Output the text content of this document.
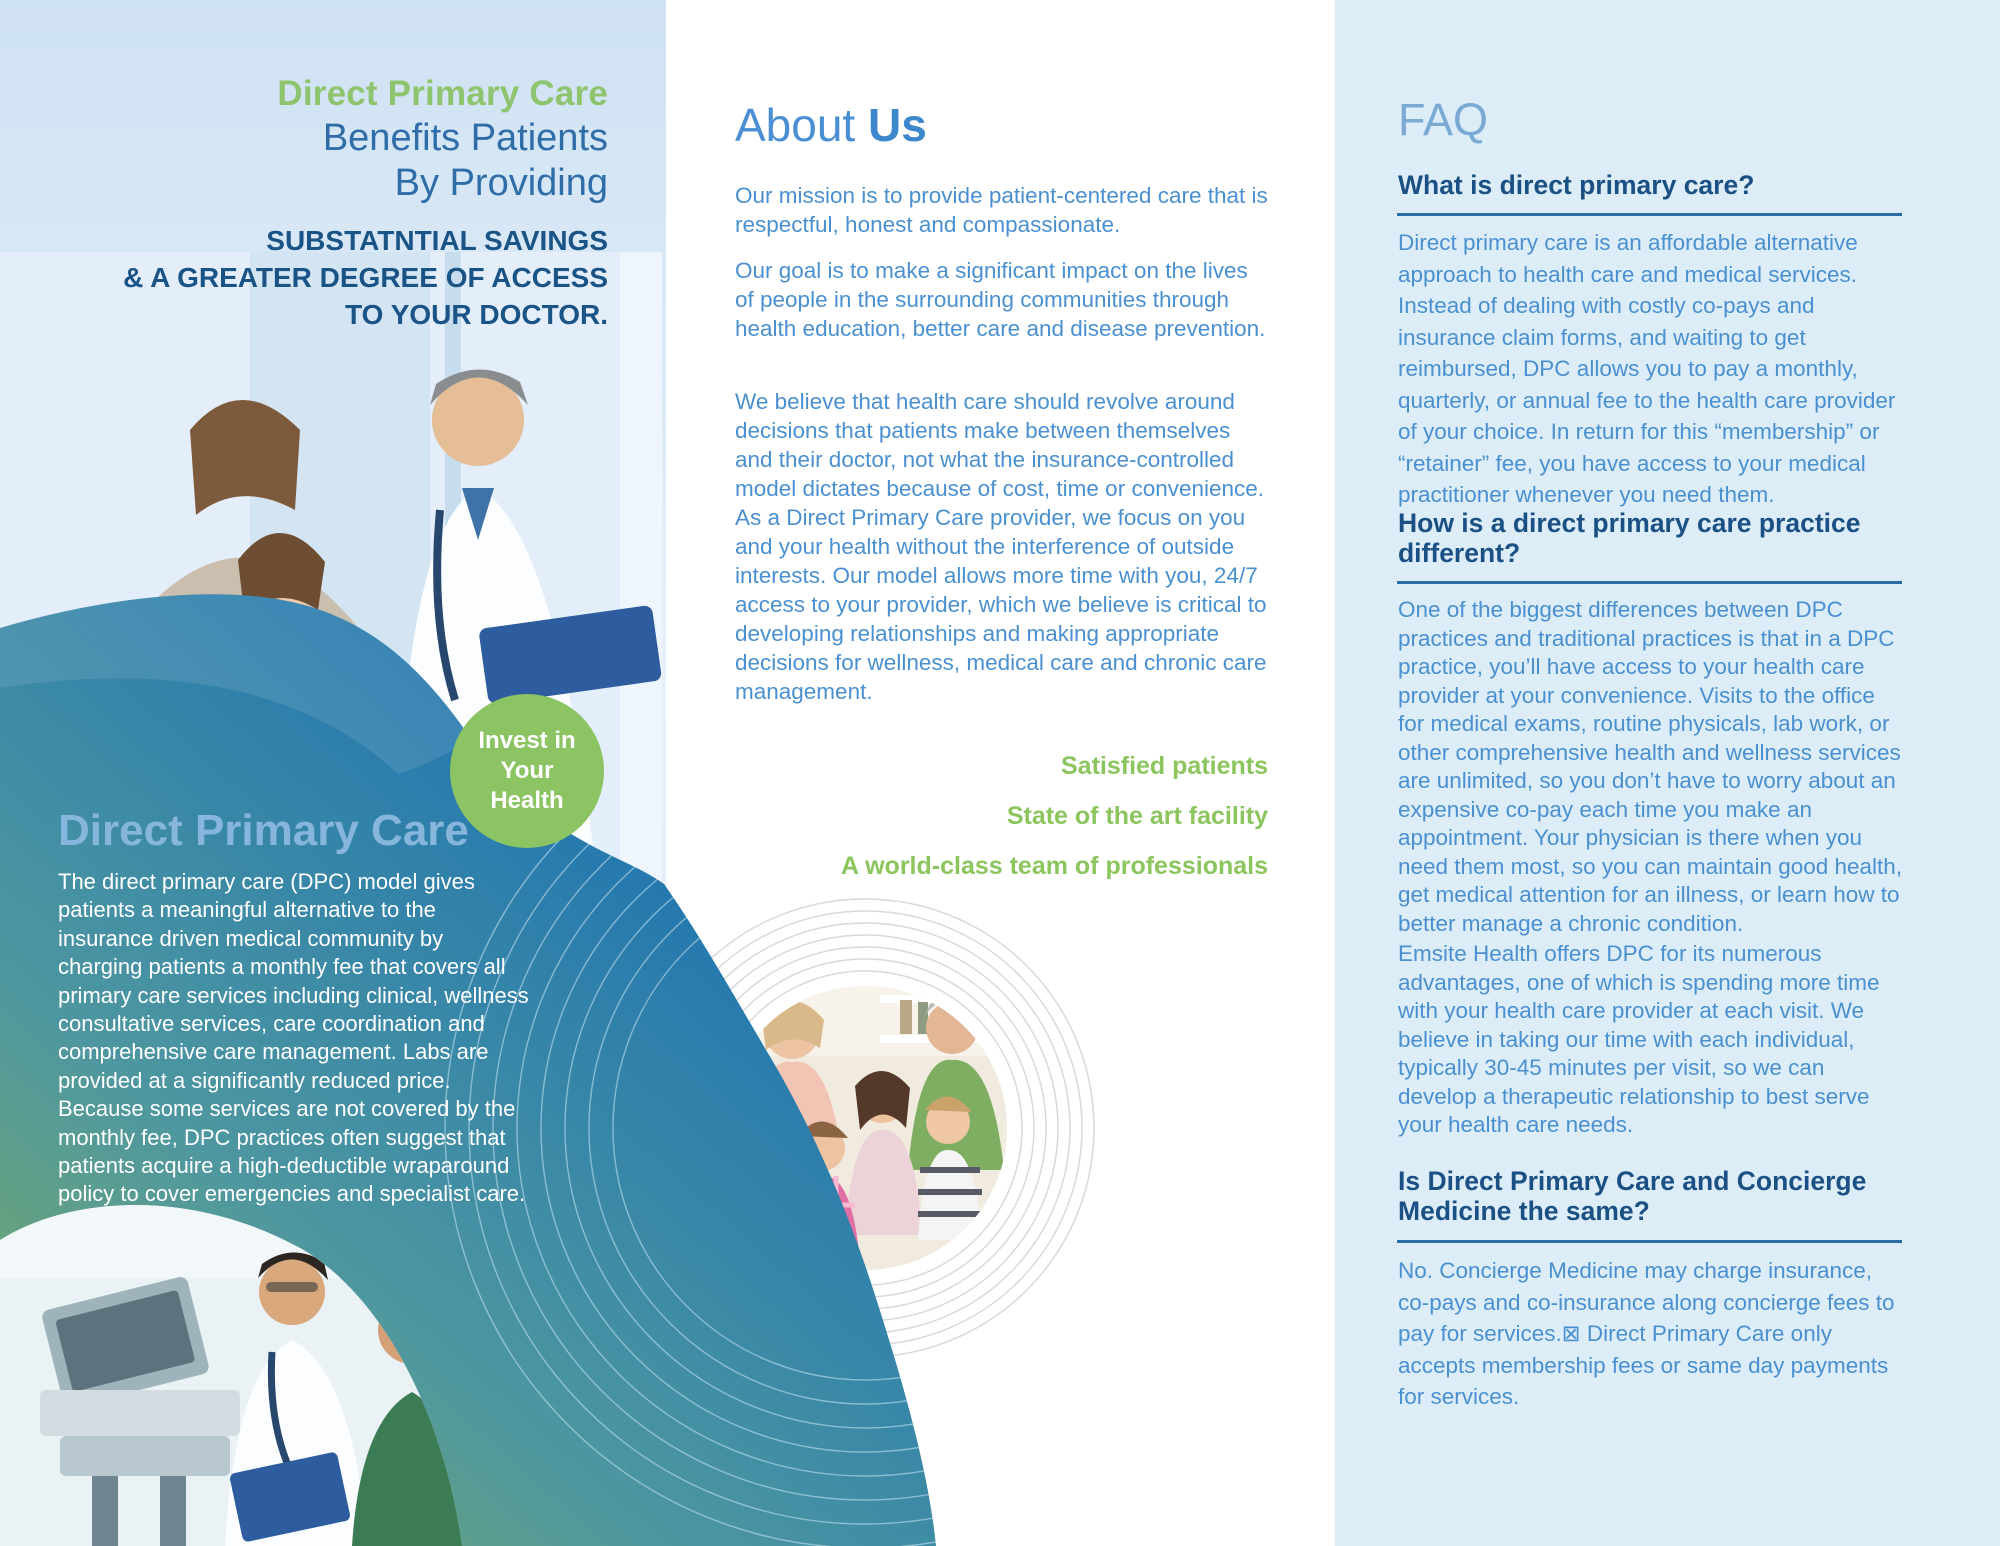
Direct Primary Care

Benefits Patients
By Providing
SUBSTATNTIAL SAVINGS
& A GREATER DEGREE OF ACCESS
TO YOUR DOCTOR.
Invest in
Your
Health
Direct Primary Care

The direct primary care (DPC) model gives patients a meaningful alternative to the insurance driven medical community by charging patients a monthly fee that covers all primary care services including clinical, wellness consultative services, care coordination and comprehensive care management. Labs are provided at a significantly reduced price. Because some services are not covered by the monthly fee, DPC practices often suggest that patients acquire a high-deductible wraparound policy to cover emergencies and specialist care.

About Us

Our mission is to provide patient-centered care that is respectful, honest and compassionate.

Our goal is to make a significant impact on the lives of people in the surrounding communities through health education, better care and disease prevention.

We believe that health care should revolve around decisions that patients make between themselves and their doctor, not what the insurance-controlled model dictates because of cost, time or convenience. As a Direct Primary Care provider, we focus on you and your health without the interference of outside interests. Our model allows more time with you, 24/7 access to your provider, which we believe is critical to developing relationships and making appropriate decisions for wellness, medical care and chronic care management.

Satisfied patients

State of the art facility

A world-class team of professionals

FAQ
What is direct primary care?

Direct primary care is an affordable alternative approach to health care and medical services. Instead of dealing with costly co-pays and insurance claim forms, and waiting to get reimbursed, DPC allows you to pay a monthly, quarterly, or annual fee to the health care provider of your choice. In return for this “membership” or “retainer” fee, you have access to your medical practitioner whenever you need them.

How is a direct primary care practice different?

One of the biggest differences between DPC practices and traditional practices is that in a DPC practice, you’ll have access to your health care provider at your convenience. Visits to the office for medical exams, routine physicals, lab work, or other comprehensive health and wellness services are unlimited, so you don’t have to worry about an expensive co-pay each time you make an appointment. Your physician is there when you need them most, so you can maintain good health, get medical attention for an illness, or learn how to better manage a chronic condition.

Emsite Health offers DPC for its numerous advantages, one of which is spending more time with your health care provider at each visit. We believe in taking our time with each individual, typically 30-45 minutes per visit, so we can develop a therapeutic relationship to best serve your health care needs.

Is Direct Primary Care and Concierge Medicine the same?

No. Concierge Medicine may charge insurance, co-pays and co-insurance along concierge fees to pay for services.⊠ Direct Primary Care only accepts membership fees or same day payments for services.
